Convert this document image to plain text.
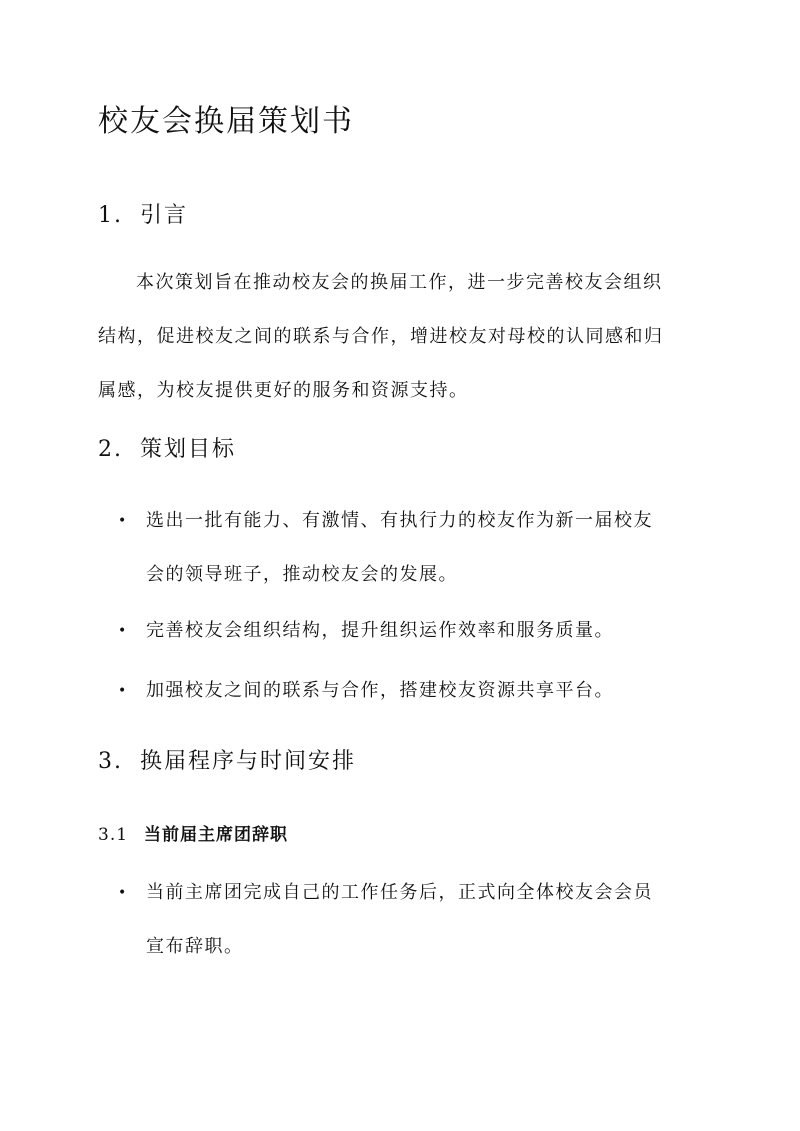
校友会换届策划书
1. 引言

本次策划旨在推动校友会的换届工作，进一步完善校友会组织
结构，促进校友之间的联系与合作，增进校友对母校的认同感和归
属感，为校友提供更好的服务和资源支持。

2. 策划目标
•	选出一批有能力、有激情、有执行力的校友作为新一届校友
会的领导班子，推动校友会的发展。
•	完善校友会组织结构，提升组织运作效率和服务质量。
•	加强校友之间的联系与合作，搭建校友资源共享平台。
3. 换届程序与时间安排
3.1 当前届主席团辞职
•	当前主席团完成自己的工作任务后，正式向全体校友会会员
宣布辞职。
